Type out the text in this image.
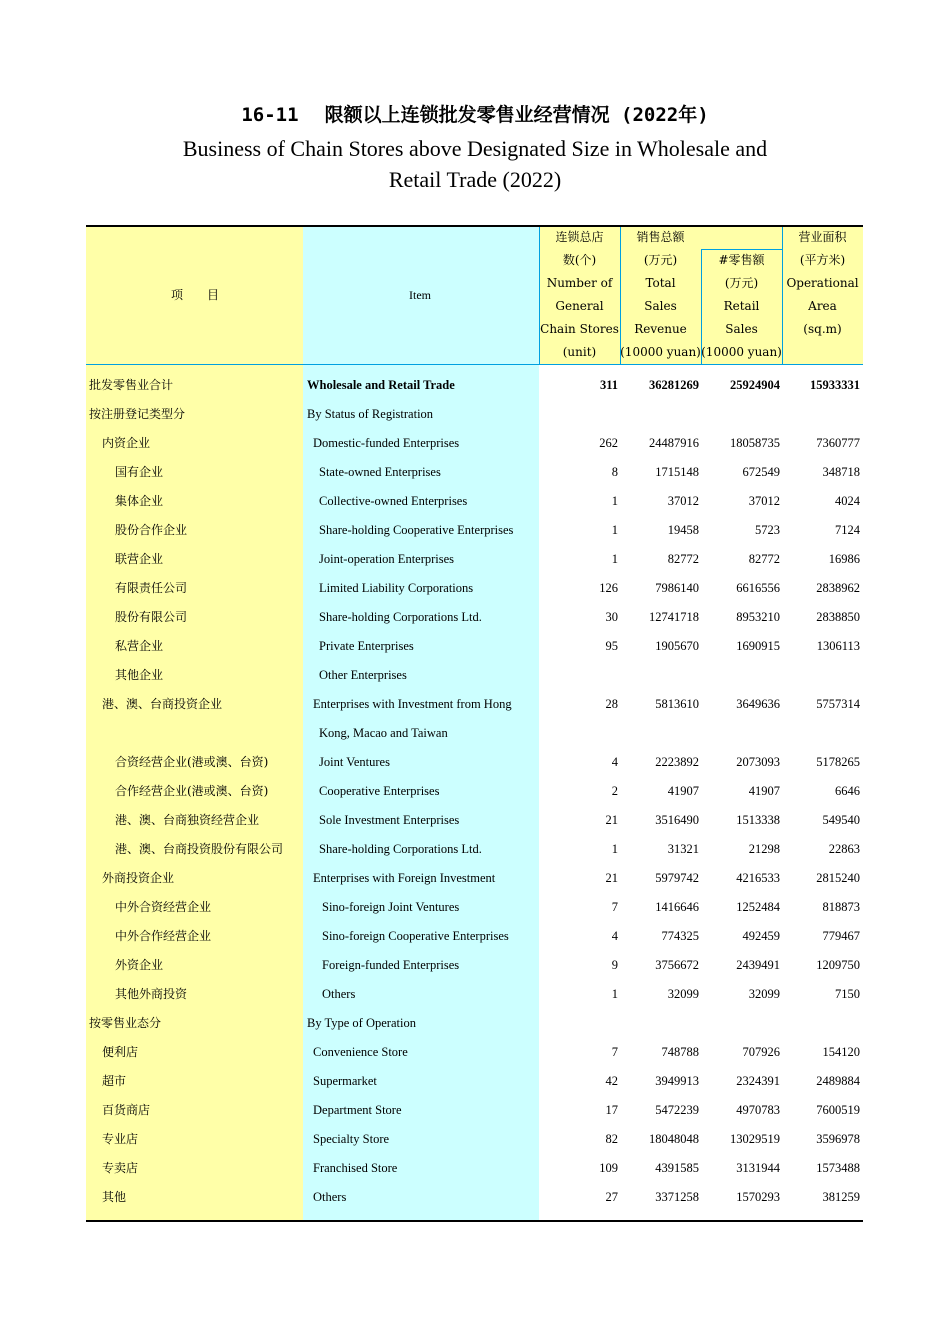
16-11 限额以上连锁批发零售业经营情况 (2022年)
Business of Chain Stores above Designated Size in Wholesale and
Retail Trade (2022)
项　　目	Item
连锁总店
数(个)
Number of
General
Chain Stores
(unit)
销售总额
(万元)
Total
Sales
Revenue
(10000 yuan)
#零售额
(万元)
Retail
Sales
(10000 yuan)
营业面积
(平方米)
Operational
Area
(sq.m)
批发零售业合计	Wholesale and Retail Trade	311 36281269 25924904 15933331
按注册登记类型分	By Status of Registration
内资企业	Domestic-funded Enterprises	262 24487916 18058735	7360777
国有企业	State-owned Enterprises	8	1715148	672549	348718
集体企业	Collective-owned Enterprises	1	37012	37012	4024
股份合作企业	Share-holding Cooperative Enterprises	1	19458	5723	7124
联营企业	Joint-operation Enterprises	1	82772	82772	16986
有限责任公司	Limited Liability Corporations	126	7986140	6616556	2838962
股份有限公司	Share-holding Corporations Ltd.	30 12741718	8953210	2838850
私营企业	Private Enterprises	95	1905670	1690915	1306113
其他企业	Other Enterprises
港、澳、台商投资企业	Enterprises with Investment from Hong	28	5813610	3649636	5757314
Kong, Macao and Taiwan
合资经营企业(港或澳、台资)	Joint Ventures	4	2223892	2073093	5178265
合作经营企业(港或澳、台资)	Cooperative Enterprises	2	41907	41907	6646
港、澳、台商独资经营企业	Sole Investment Enterprises	21	3516490	1513338	549540
港、澳、台商投资股份有限公司	Share-holding Corporations Ltd.	1	31321	21298	22863
外商投资企业	Enterprises with Foreign Investment	21	5979742	4216533	2815240
中外合资经营企业	Sino-foreign Joint Ventures	7	1416646	1252484	818873
中外合作经营企业	Sino-foreign Cooperative Enterprises	4	774325	492459	779467
外资企业	Foreign-funded Enterprises	9	3756672	2439491	1209750
其他外商投资	Others	1	32099	32099	7150
按零售业态分	By Type of Operation
便利店	Convenience Store	7	748788	707926	154120
超市	Supermarket	42	3949913	2324391	2489884
百货商店	Department Store	17	5472239	4970783	7600519
专业店	Specialty Store	82 18048048 13029519	3596978
专卖店	Franchised Store	109	4391585	3131944	1573488
其他	Others	27	3371258	1570293	381259
